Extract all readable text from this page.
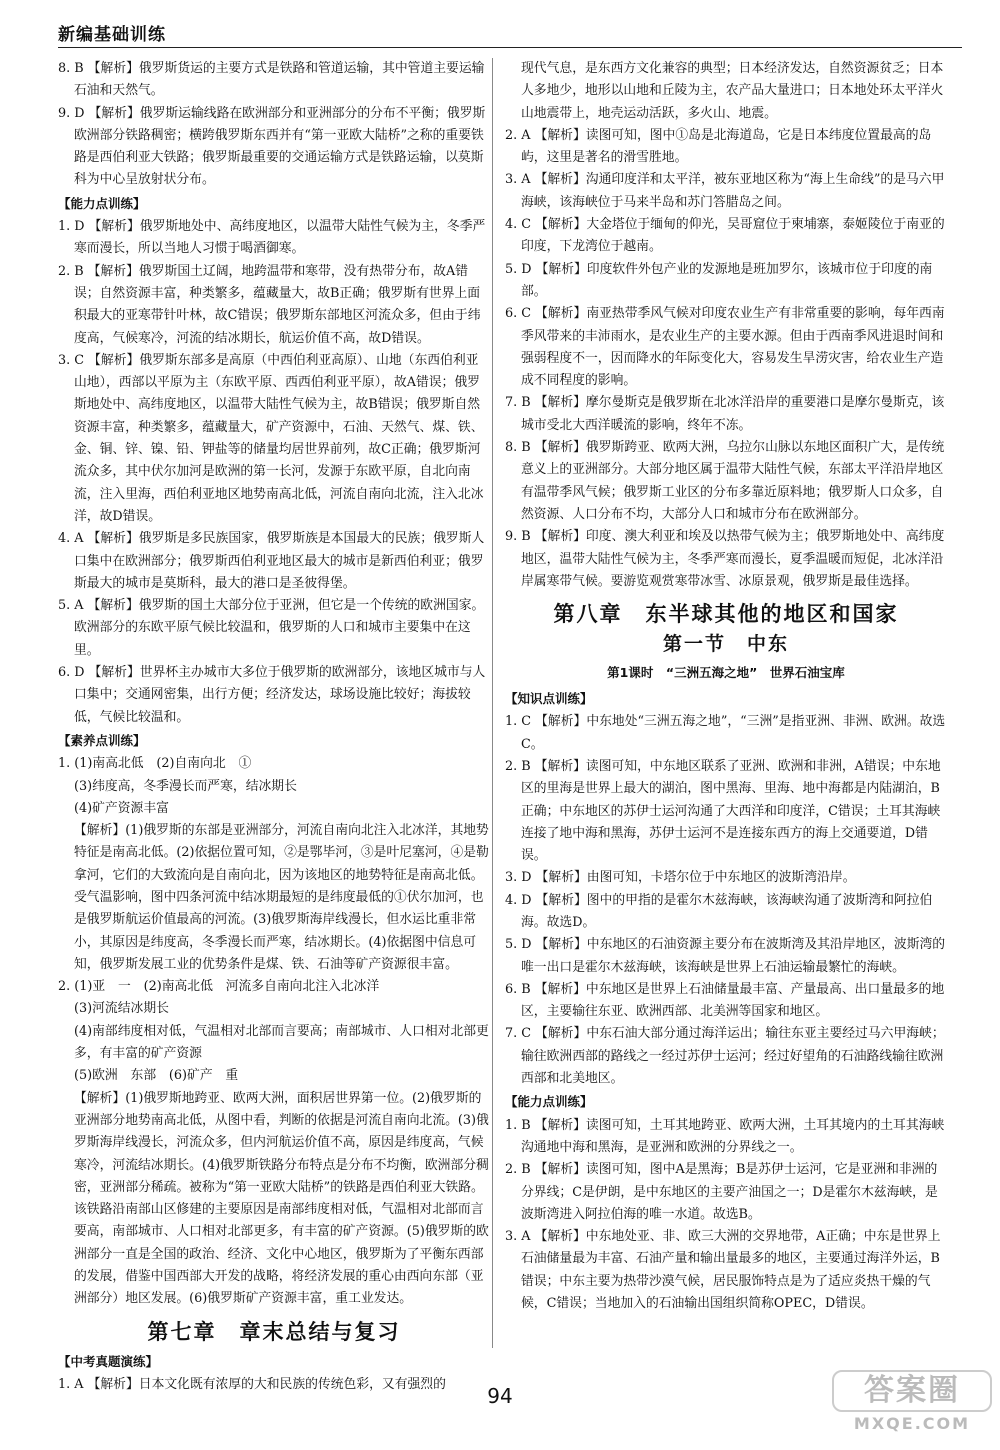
新编基础训练

8. B 【解析】俄罗斯货运的主要方式是铁路和管道运输，其中管道主要运输石油和天然气。

9. D 【解析】俄罗斯运输线路在欧洲部分和亚洲部分的分布不平衡；俄罗斯欧洲部分铁路稠密；横跨俄罗斯东西并有“第一亚欧大陆桥”之称的重要铁路是西伯利亚大铁路；俄罗斯最重要的交通运输方式是铁路运输，以莫斯科为中心呈放射状分布。

【能力点训练】

1. D 【解析】俄罗斯地处中、高纬度地区，以温带大陆性气候为主，冬季严寒而漫长，所以当地人习惯于喝酒御寒。

2. B 【解析】俄罗斯国土辽阔，地跨温带和寒带，没有热带分布，故A错误；自然资源丰富，种类繁多，蕴藏量大，故B正确；俄罗斯有世界上面积最大的亚寒带针叶林，故C错误；俄罗斯东部地区河流众多，但由于纬度高，气候寒冷，河流的结冰期长，航运价值不高，故D错误。

3. C 【解析】俄罗斯东部多是高原（中西伯利亚高原）、山地（东西伯利亚山地），西部以平原为主（东欧平原、西西伯利亚平原），故A错误；俄罗斯地处中、高纬度地区，以温带大陆性气候为主，故B错误；俄罗斯自然资源丰富，种类繁多，蕴藏量大，矿产资源中，石油、天然气、煤、铁、金、铜、锌、镍、铅、钾盐等的储量均居世界前列，故C正确；俄罗斯河流众多，其中伏尔加河是欧洲的第一长河，发源于东欧平原，自北向南流，注入里海，西伯利亚地区地势南高北低，河流自南向北流，注入北冰洋，故D错误。

4. A 【解析】俄罗斯是多民族国家，俄罗斯族是本国最大的民族；俄罗斯人口集中在欧洲部分；俄罗斯西伯利亚地区最大的城市是新西伯利亚；俄罗斯最大的城市是莫斯科，最大的港口是圣彼得堡。

5. A 【解析】俄罗斯的国土大部分位于亚洲，但它是一个传统的欧洲国家。欧洲部分的东欧平原气候比较温和，俄罗斯的人口和城市主要集中在这里。

6. D 【解析】世界杯主办城市大多位于俄罗斯的欧洲部分，该地区城市与人口集中；交通网密集，出行方便；经济发达，球场设施比较好；海拔较低，气候比较温和。

【素养点训练】

1. (1)南高北低　(2)自南向北　①

(3)纬度高，冬季漫长而严寒，结冰期长

(4)矿产资源丰富

【解析】(1)俄罗斯的东部是亚洲部分，河流自南向北注入北冰洋，其地势特征是南高北低。(2)依据位置可知，②是鄂毕河，③是叶尼塞河，④是勒拿河，它们的大致流向是自南向北，因为该地区的地势特征是南高北低。受气温影响，图中四条河流中结冰期最短的是纬度最低的①伏尔加河，也是俄罗斯航运价值最高的河流。(3)俄罗斯海岸线漫长，但水运比重非常小，其原因是纬度高，冬季漫长而严寒，结冰期长。(4)依据图中信息可知，俄罗斯发展工业的优势条件是煤、铁、石油等矿产资源很丰富。

2. (1)亚　一　(2)南高北低　河流多自南向北注入北冰洋

(3)河流结冰期长

(4)南部纬度相对低，气温相对北部而言要高；南部城市、人口相对北部更多，有丰富的矿产资源

(5)欧洲　东部　(6)矿产　重

【解析】(1)俄罗斯地跨亚、欧两大洲，面积居世界第一位。(2)俄罗斯的亚洲部分地势南高北低，从图中看，判断的依据是河流自南向北流。(3)俄罗斯海岸线漫长，河流众多，但内河航运价值不高，原因是纬度高，气候寒冷，河流结冰期长。(4)俄罗斯铁路分布特点是分布不均衡，欧洲部分稠密，亚洲部分稀疏。被称为“第一亚欧大陆桥”的铁路是西伯利亚大铁路。该铁路沿南部山区修建的主要原因是南部纬度相对低，气温相对北部而言要高，南部城市、人口相对北部更多，有丰富的矿产资源。(5)俄罗斯的欧洲部分一直是全国的政治、经济、文化中心地区，俄罗斯为了平衡东西部的发展，借鉴中国西部大开发的战略，将经济发展的重心由西向东部（亚洲部分）地区发展。(6)俄罗斯矿产资源丰富，重工业发达。

第七章　章末总结与复习

【中考真题演练】

1. A 【解析】日本文化既有浓厚的大和民族的传统色彩，又有强烈的

现代气息，是东西方文化兼容的典型；日本经济发达，自然资源贫乏；日本人多地少，地形以山地和丘陵为主，农产品大量进口；日本地处环太平洋火山地震带上，地壳运动活跃，多火山、地震。

2. A 【解析】读图可知，图中①岛是北海道岛，它是日本纬度位置最高的岛屿，这里是著名的滑雪胜地。

3. A 【解析】沟通印度洋和太平洋，被东亚地区称为“海上生命线”的是马六甲海峡，该海峡位于马来半岛和苏门答腊岛之间。

4. C 【解析】大金塔位于缅甸的仰光，吴哥窟位于柬埔寨，泰姬陵位于南亚的印度，下龙湾位于越南。

5. D 【解析】印度软件外包产业的发源地是班加罗尔，该城市位于印度的南部。

6. C 【解析】南亚热带季风气候对印度农业生产有非常重要的影响，每年西南季风带来的丰沛雨水，是农业生产的主要水源。但由于西南季风进退时间和强弱程度不一，因而降水的年际变化大，容易发生旱涝灾害，给农业生产造成不同程度的影响。

7. B 【解析】摩尔曼斯克是俄罗斯在北冰洋沿岸的重要港口是摩尔曼斯克，该城市受北大西洋暖流的影响，终年不冻。

8. B 【解析】俄罗斯跨亚、欧两大洲，乌拉尔山脉以东地区面积广大，是传统意义上的亚洲部分。大部分地区属于温带大陆性气候，东部太平洋沿岸地区有温带季风气候；俄罗斯工业区的分布多靠近原料地；俄罗斯人口众多，自然资源、人口分布不均，大部分人口和城市分布在欧洲部分。

9. B 【解析】印度、澳大利亚和埃及以热带气候为主；俄罗斯地处中、高纬度地区，温带大陆性气候为主，冬季严寒而漫长，夏季温暖而短促，北冰洋沿岸属寒带气候。要游览观赏寒带冰雪、冰原景观，俄罗斯是最佳选择。

第八章　东半球其他的地区和国家

第一节　中东

第1课时　“三洲五海之地”　世界石油宝库

【知识点训练】

1. C 【解析】中东地处“三洲五海之地”，“三洲”是指亚洲、非洲、欧洲。故选C。

2. B 【解析】读图可知，中东地区联系了亚洲、欧洲和非洲，A错误；中东地区的里海是世界上最大的湖泊，图中黑海、里海、地中海都是内陆湖泊，B正确；中东地区的苏伊士运河沟通了大西洋和印度洋，C错误；土耳其海峡连接了地中海和黑海，苏伊士运河不是连接东西方的海上交通要道，D错误。

3. D 【解析】由图可知，卡塔尔位于中东地区的波斯湾沿岸。

4. D 【解析】图中的甲指的是霍尔木兹海峡，该海峡沟通了波斯湾和阿拉伯海。故选D。

5. D 【解析】中东地区的石油资源主要分布在波斯湾及其沿岸地区，波斯湾的唯一出口是霍尔木兹海峡，该海峡是世界上石油运输最繁忙的海峡。

6. B 【解析】中东地区是世界上石油储量最丰富、产量最高、出口量最多的地区，主要输往东亚、欧洲西部、北美洲等国家和地区。

7. C 【解析】中东石油大部分通过海洋运出；输往东亚主要经过马六甲海峡；输往欧洲西部的路线之一经过苏伊士运河；经过好望角的石油路线输往欧洲西部和北美地区。

【能力点训练】

1. B 【解析】读图可知，土耳其地跨亚、欧两大洲，土耳其境内的土耳其海峡沟通地中海和黑海，是亚洲和欧洲的分界线之一。

2. B 【解析】读图可知，图中A是黑海；B是苏伊士运河，它是亚洲和非洲的分界线；C是伊朗，是中东地区的主要产油国之一；D是霍尔木兹海峡，是波斯湾进入阿拉伯海的唯一水道。故选B。

3. A 【解析】中东地处亚、非、欧三大洲的交界地带，A正确；中东是世界上石油储量最为丰富、石油产量和输出量最多的地区，主要通过海洋外运，B错误；中东主要为热带沙漠气候，居民服饰特点是为了适应炎热干燥的气候，C错误；当地加入的石油输出国组织简称OPEC，D错误。

94	答案圈
MXQE.COM
